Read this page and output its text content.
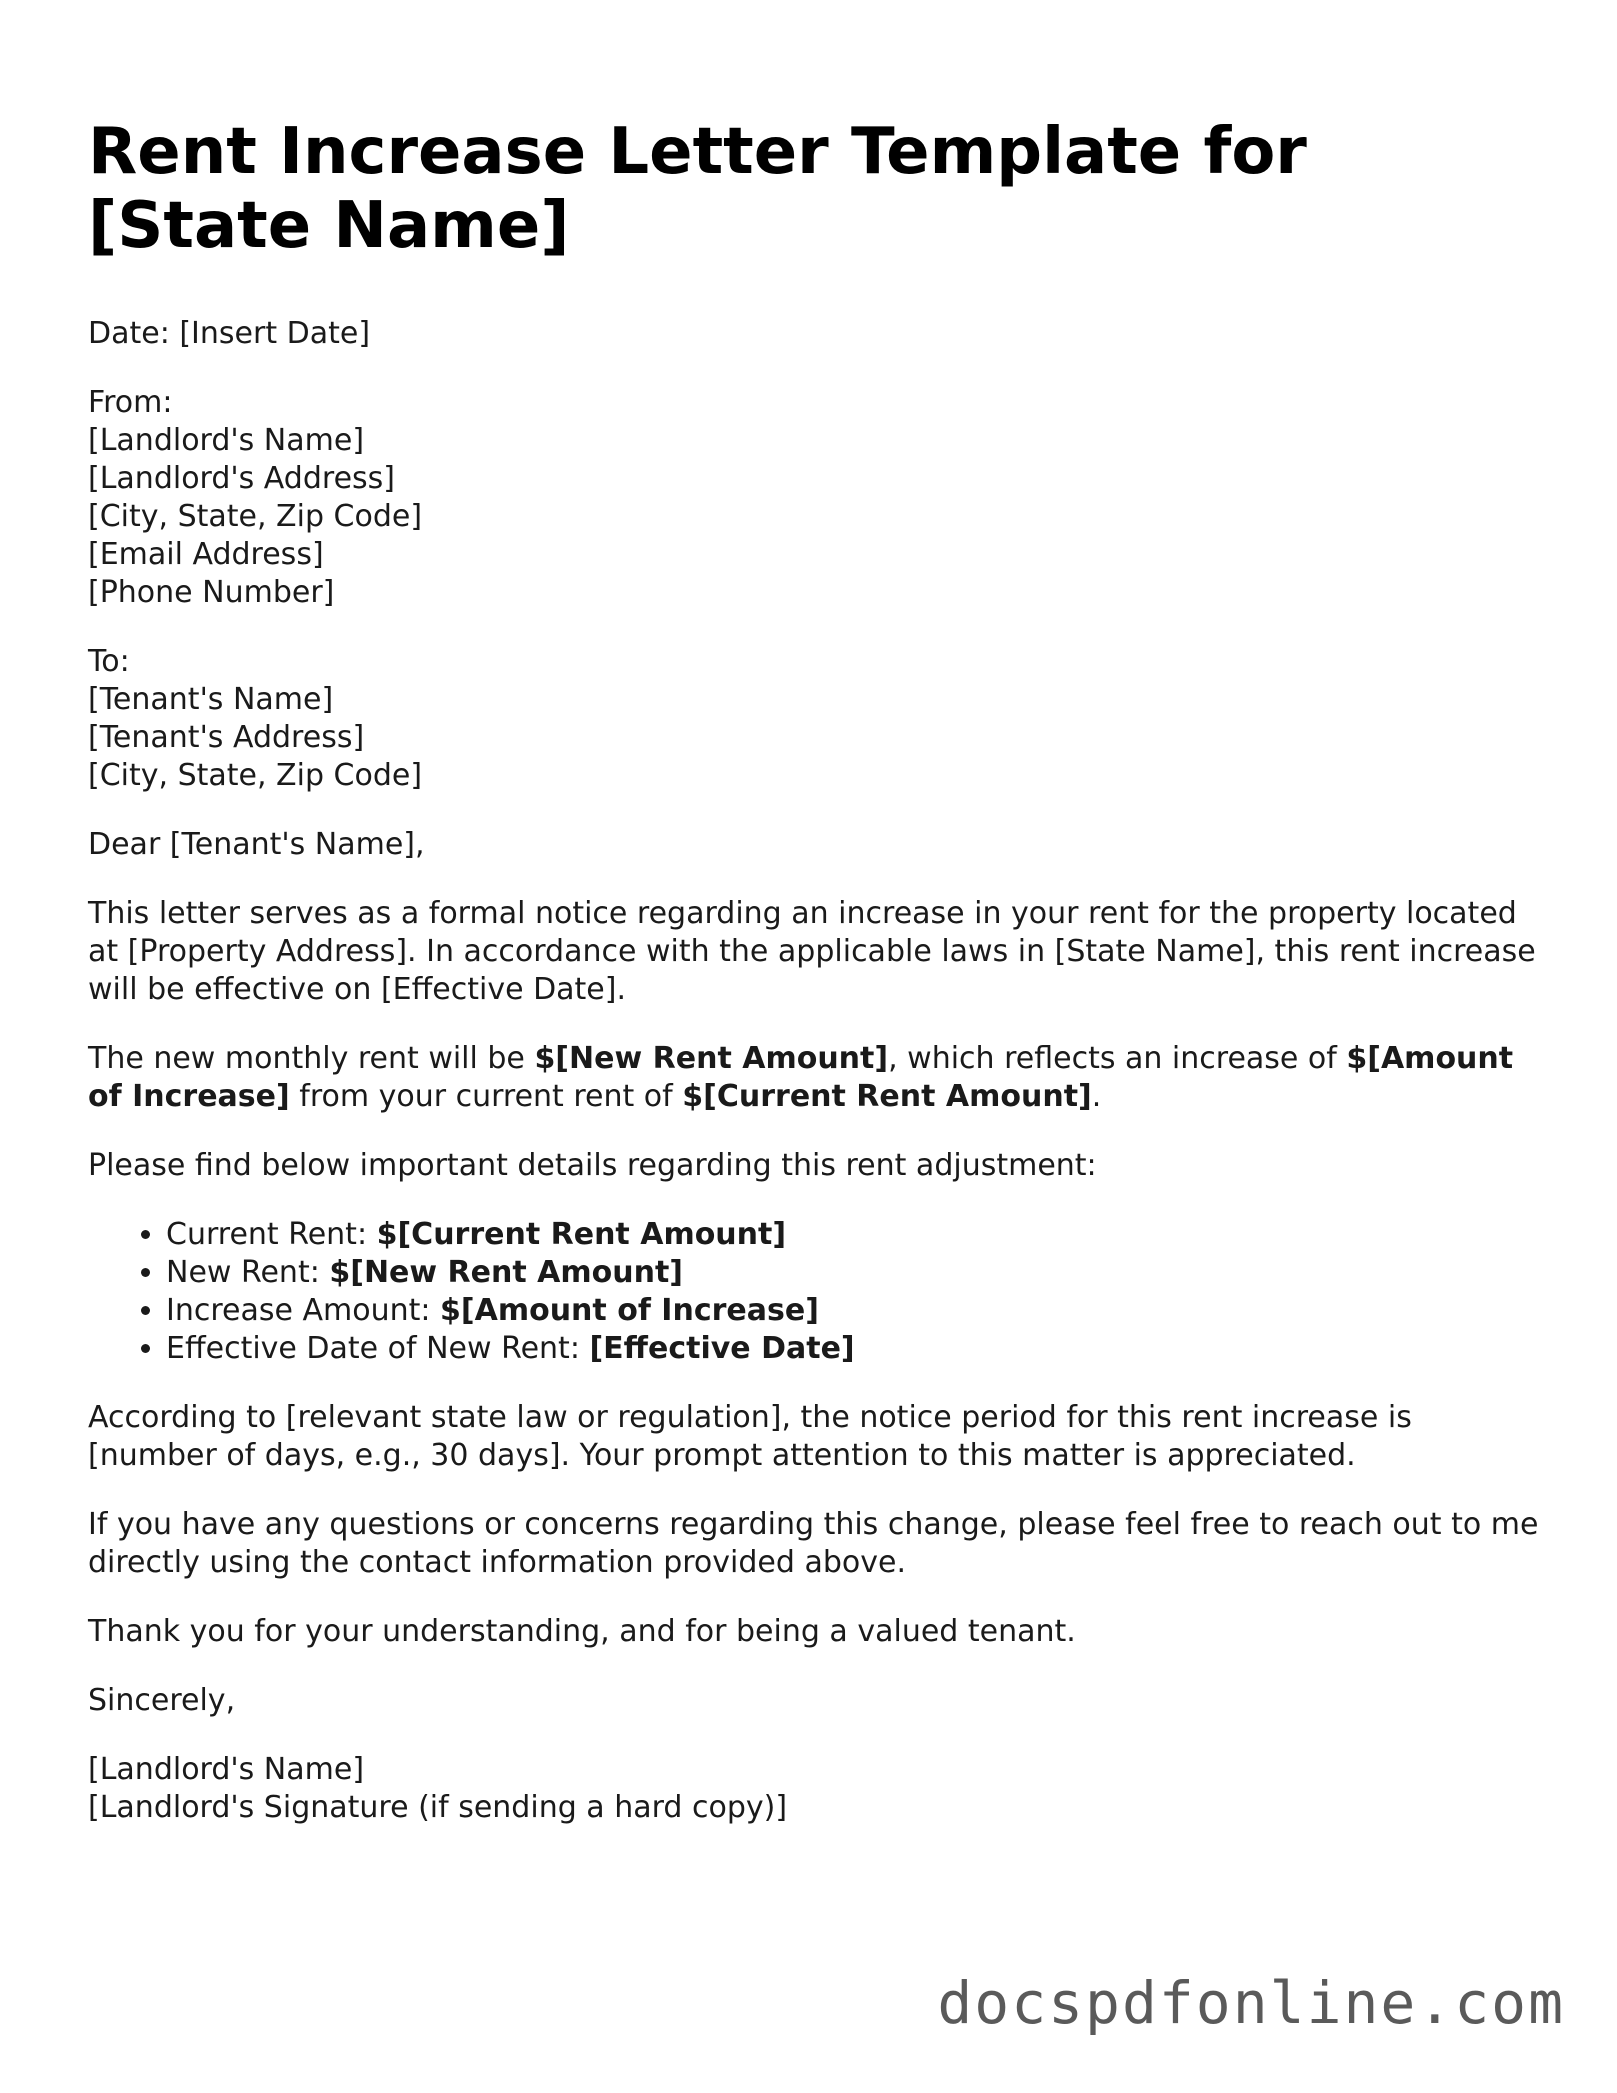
Rent Increase Letter Template for [State Name]
Date: [Insert Date]
From:
[Landlord's Name]
[Landlord's Address]
[City, State, Zip Code]
[Email Address]
[Phone Number]
To:
[Tenant's Name]
[Tenant's Address]
[City, State, Zip Code]
Dear [Tenant's Name],
This letter serves as a formal notice regarding an increase in your rent for the property located at [Property Address]. In accordance with the applicable laws in [State Name], this rent increase will be effective on [Effective Date].
The new monthly rent will be $[New Rent Amount], which reflects an increase of $[Amount of Increase] from your current rent of $[Current Rent Amount].
Please find below important details regarding this rent adjustment:
• Current Rent: $[Current Rent Amount]
• New Rent: $[New Rent Amount]
• Increase Amount: $[Amount of Increase]
• Effective Date of New Rent: [Effective Date]
According to [relevant state law or regulation], the notice period for this rent increase is [number of days, e.g., 30 days]. Your prompt attention to this matter is appreciated.
If you have any questions or concerns regarding this change, please feel free to reach out to me directly using the contact information provided above.
Thank you for your understanding, and for being a valued tenant.
Sincerely,
[Landlord's Name]
[Landlord's Signature (if sending a hard copy)]
docspdfonline.com
